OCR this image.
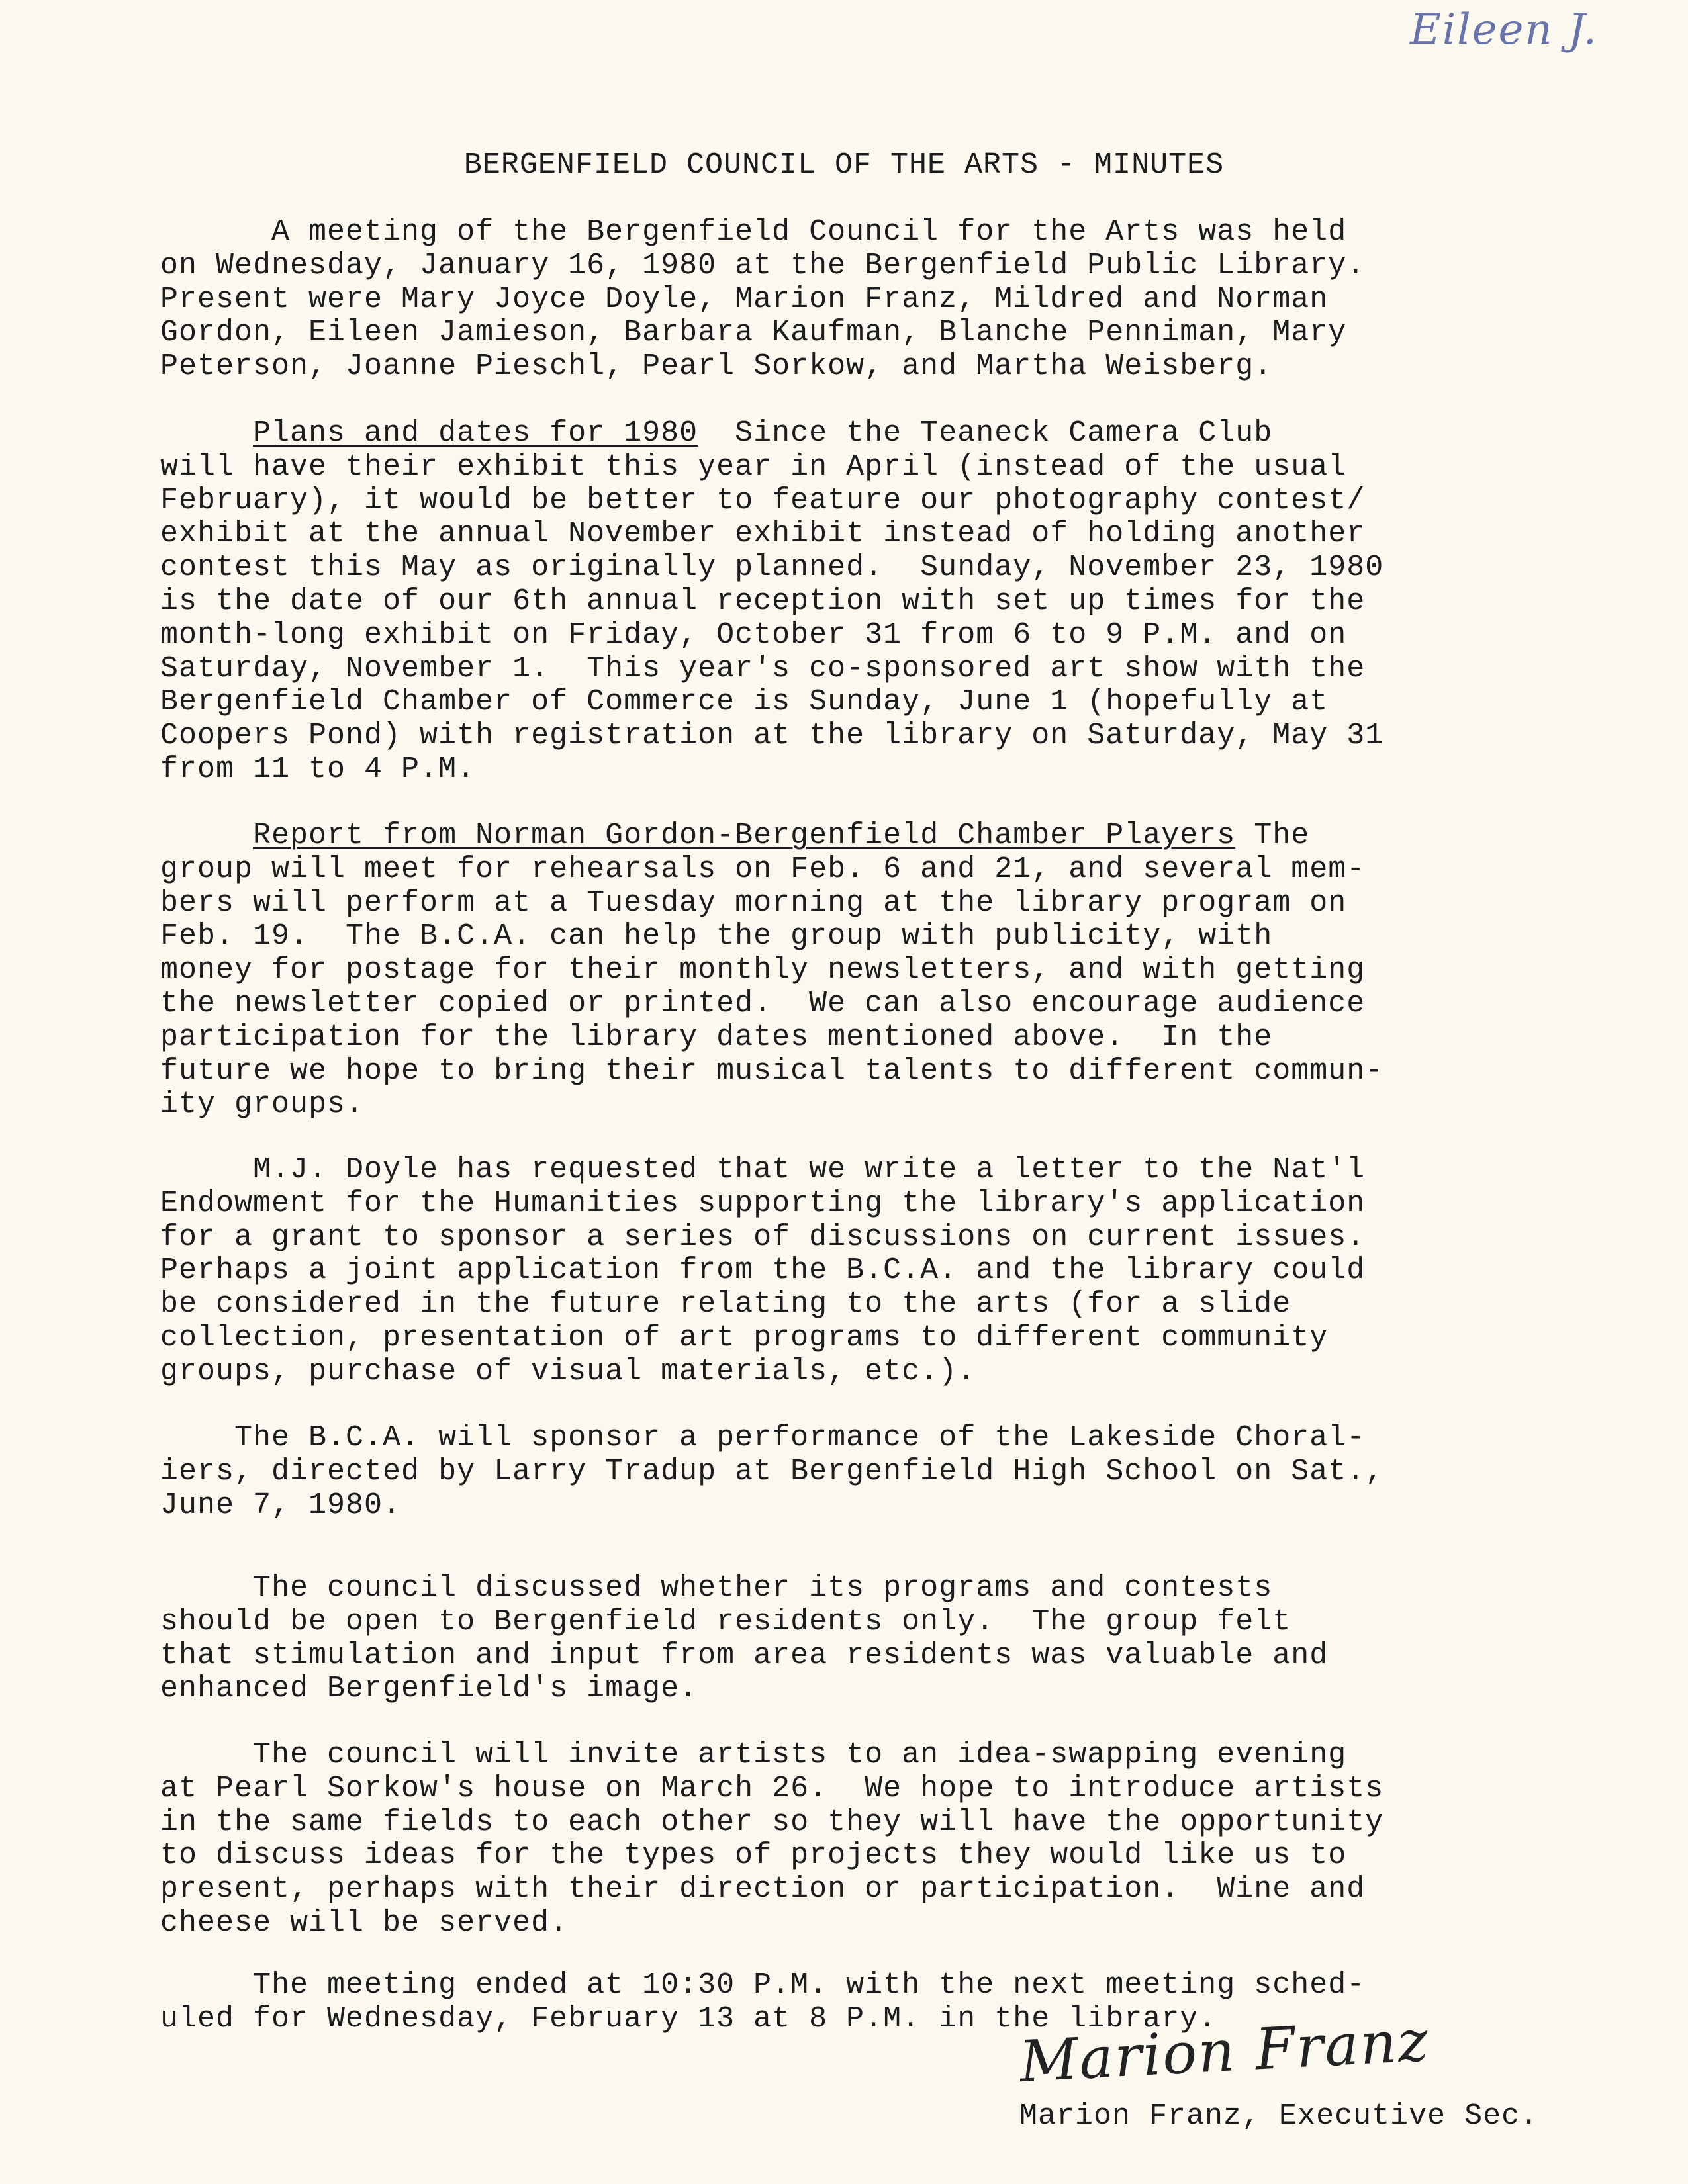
Eileen J.
BERGENFIELD COUNCIL OF THE ARTS - MINUTES
A meeting of the Bergenfield Council for the Arts was held
on Wednesday, January 16, 1980 at the Bergenfield Public Library.
Present were Mary Joyce Doyle, Marion Franz, Mildred and Norman
Gordon, Eileen Jamieson, Barbara Kaufman, Blanche Penniman, Mary
Peterson, Joanne Pieschl, Pearl Sorkow, and Martha Weisberg.
Plans and dates for 1980  Since the Teaneck Camera Club
will have their exhibit this year in April (instead of the usual
February), it would be better to feature our photography contest/
exhibit at the annual November exhibit instead of holding another
contest this May as originally planned.  Sunday, November 23, 1980
is the date of our 6th annual reception with set up times for the
month-long exhibit on Friday, October 31 from 6 to 9 P.M. and on
Saturday, November 1.  This year's co-sponsored art show with the
Bergenfield Chamber of Commerce is Sunday, June 1 (hopefully at
Coopers Pond) with registration at the library on Saturday, May 31
from 11 to 4 P.M.
Report from Norman Gordon-Bergenfield Chamber Players The
group will meet for rehearsals on Feb. 6 and 21, and several mem-
bers will perform at a Tuesday morning at the library program on
Feb. 19.  The B.C.A. can help the group with publicity, with
money for postage for their monthly newsletters, and with getting
the newsletter copied or printed.  We can also encourage audience
participation for the library dates mentioned above.  In the
future we hope to bring their musical talents to different commun-
ity groups.
M.J. Doyle has requested that we write a letter to the Nat'l
Endowment for the Humanities supporting the library's application
for a grant to sponsor a series of discussions on current issues.
Perhaps a joint application from the B.C.A. and the library could
be considered in the future relating to the arts (for a slide
collection, presentation of art programs to different community
groups, purchase of visual materials, etc.).
The B.C.A. will sponsor a performance of the Lakeside Choral-
iers, directed by Larry Tradup at Bergenfield High School on Sat.,
June 7, 1980.
The council discussed whether its programs and contests
should be open to Bergenfield residents only.  The group felt
that stimulation and input from area residents was valuable and
enhanced Bergenfield's image.
The council will invite artists to an idea-swapping evening
at Pearl Sorkow's house on March 26.  We hope to introduce artists
in the same fields to each other so they will have the opportunity
to discuss ideas for the types of projects they would like us to
present, perhaps with their direction or participation.  Wine and
cheese will be served.
The meeting ended at 10:30 P.M. with the next meeting sched-
uled for Wednesday, February 13 at 8 P.M. in the library.
Marion Franz
Marion Franz, Executive Sec.
